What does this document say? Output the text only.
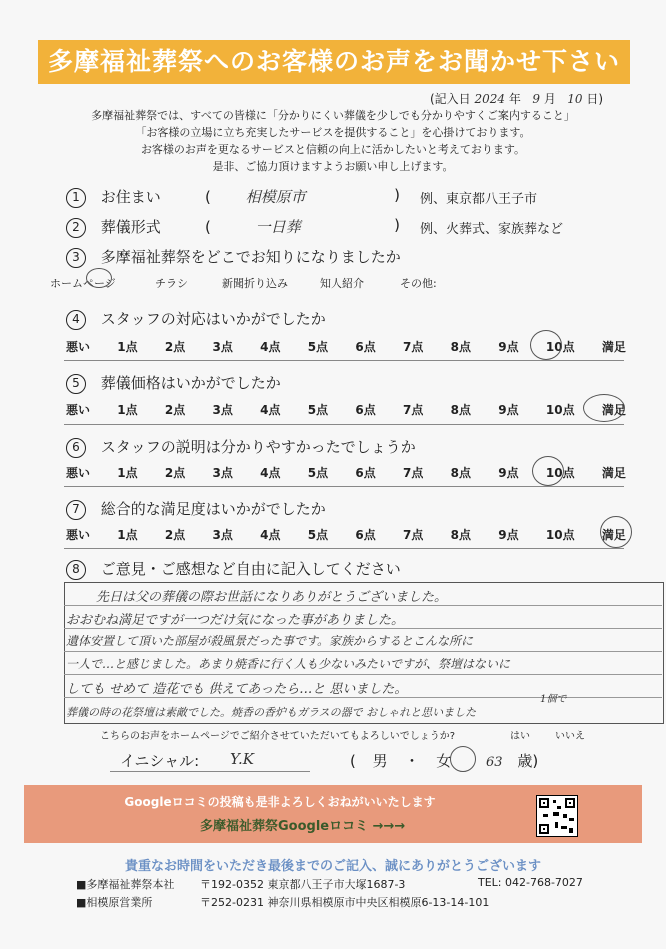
多摩福祉葬祭へのお客様のお声をお聞かせ下さい
(記入日 2024 年 9 月 10 日)
多摩福祉葬祭では、すべての皆様に「分かりにくい葬儀を少しでも分かりやすくご案内すること」
「お客様の立場に立ち充実したサービスを提供すること」を心掛けております。
お客様のお声を更なるサービスと信頼の向上に活かしたいと考えております。
是非、ご協力頂けますようお願い申し上げます。
1 お住まい	( 相模原市	) 例、東京都八王子市
2 葬儀形式	(	一日葬	) 例、火葬式、家族葬など
3 多摩福祉葬祭をどこでお知りになりましたか
ホームページ	チラシ	新聞折り込み	知人紹介	その他:
4 スタッフの対応はいかがでしたか
悪い 1点 2点 3点 4点 5点 6点 7点 8点 9点 10点 満足
5 葬儀価格はいかがでしたか
悪い 1点 2点 3点 4点 5点 6点 7点 8点 9点 10点 満足
6 スタッフの説明は分かりやすかったでしょうか
悪い 1点 2点 3点 4点 5点 6点 7点 8点 9点 10点 満足
7 総合的な満足度はいかがでしたか
悪い 1点 2点 3点 4点 5点 6点 7点 8点 9点 10点 満足
8 ご意見・ご感想など自由に記入してください
先日は父の葬儀の際お世話になりありがとうございました。
おおむね満足ですが一つだけ気になった事がありました。
遺体安置して頂いた部屋が殺風景だった事です。家族からするとこんな所に
一人で…と感じました。あまり焼香に行く人も少ないみたいですが、祭壇はないに
しても せめて 造花でも 供えてあったら…と 思いました。
1個で
葬儀の時の花祭壇は素敵でした。焼香の香炉もガラスの器で おしゃれと思いました
こちらのお声をホームページでご紹介させていただいてもよろしいでしょうか?	はい	いいえ
イニシャル: Y.K	( 男 ・ 女	63 歳)
Googleロコミの投稿も是非よろしくおねがいいたします
多摩福祉葬祭Googleロコミ →→→
貴重なお時間をいただき最後までのご記入、誠にありがとうございます
■多摩福祉葬祭本社 〒192-0352 東京都八王子市大塚1687-3	TEL: 042-768-7027
■相模原営業所	〒252-0231 神奈川県相模原市中央区相模原6-13-14-101
